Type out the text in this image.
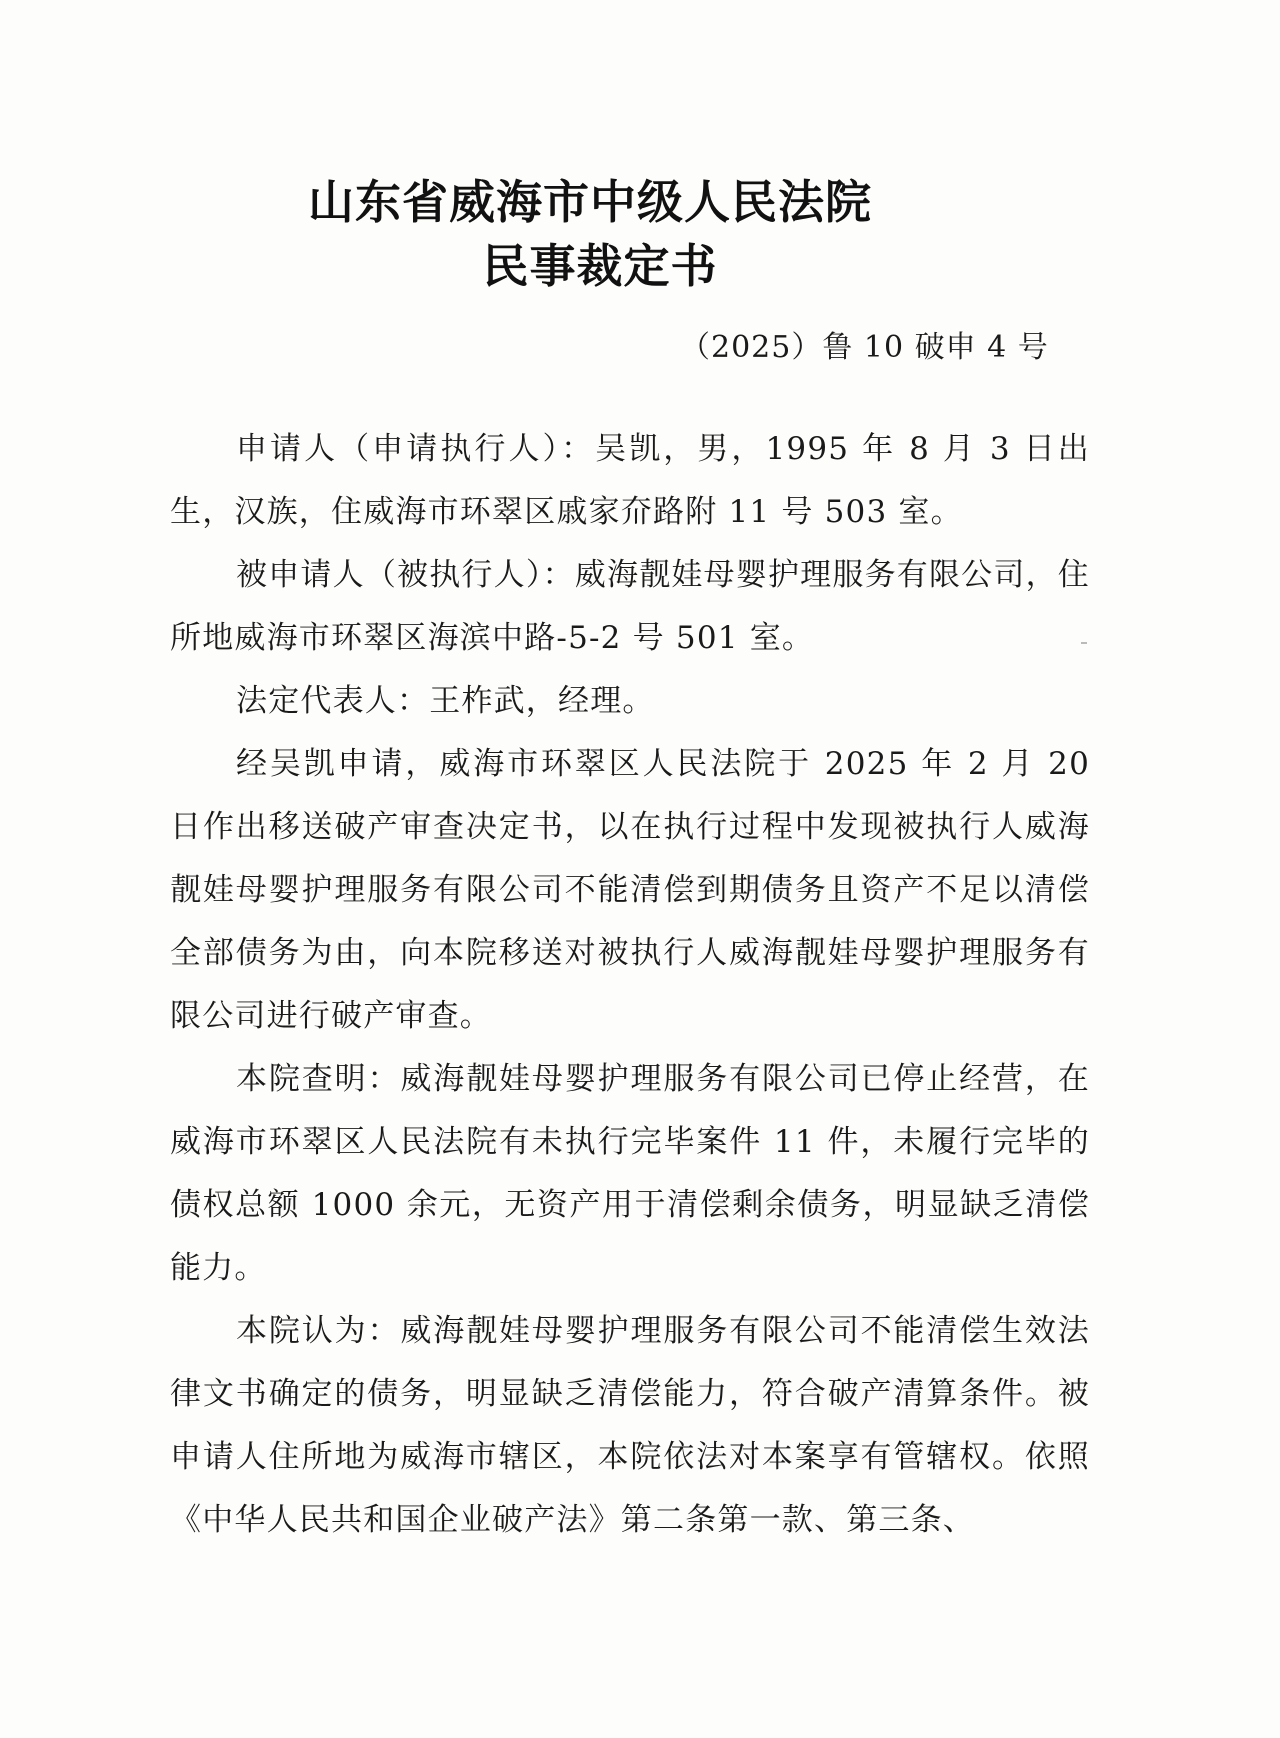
山东省威海市中级人民法院
民事裁定书
（2025）鲁 10 破申 4 号

申请人（申请执行人）：吴凯，男，1995 年 8 月 3 日出生，汉族，住威海市环翠区戚家夼路附 11 号 503 室。

被申请人（被执行人）：威海靓娃母婴护理服务有限公司，住所地威海市环翠区海滨中路-5-2 号 501 室。

法定代表人：王柞武，经理。

经吴凯申请，威海市环翠区人民法院于 2025 年 2 月 20 日作出移送破产审查决定书，以在执行过程中发现被执行人威海靓娃母婴护理服务有限公司不能清偿到期债务且资产不足以清偿全部债务为由，向本院移送对被执行人威海靓娃母婴护理服务有限公司进行破产审查。

本院查明：威海靓娃母婴护理服务有限公司已停止经营，在威海市环翠区人民法院有未执行完毕案件 11 件，未履行完毕的债权总额 1000 余元，无资产用于清偿剩余债务，明显缺乏清偿能力。

本院认为：威海靓娃母婴护理服务有限公司不能清偿生效法律文书确定的债务，明显缺乏清偿能力，符合破产清算条件。被申请人住所地为威海市辖区，本院依法对本案享有管辖权。依照《中华人民共和国企业破产法》第二条第一款、第三条、
